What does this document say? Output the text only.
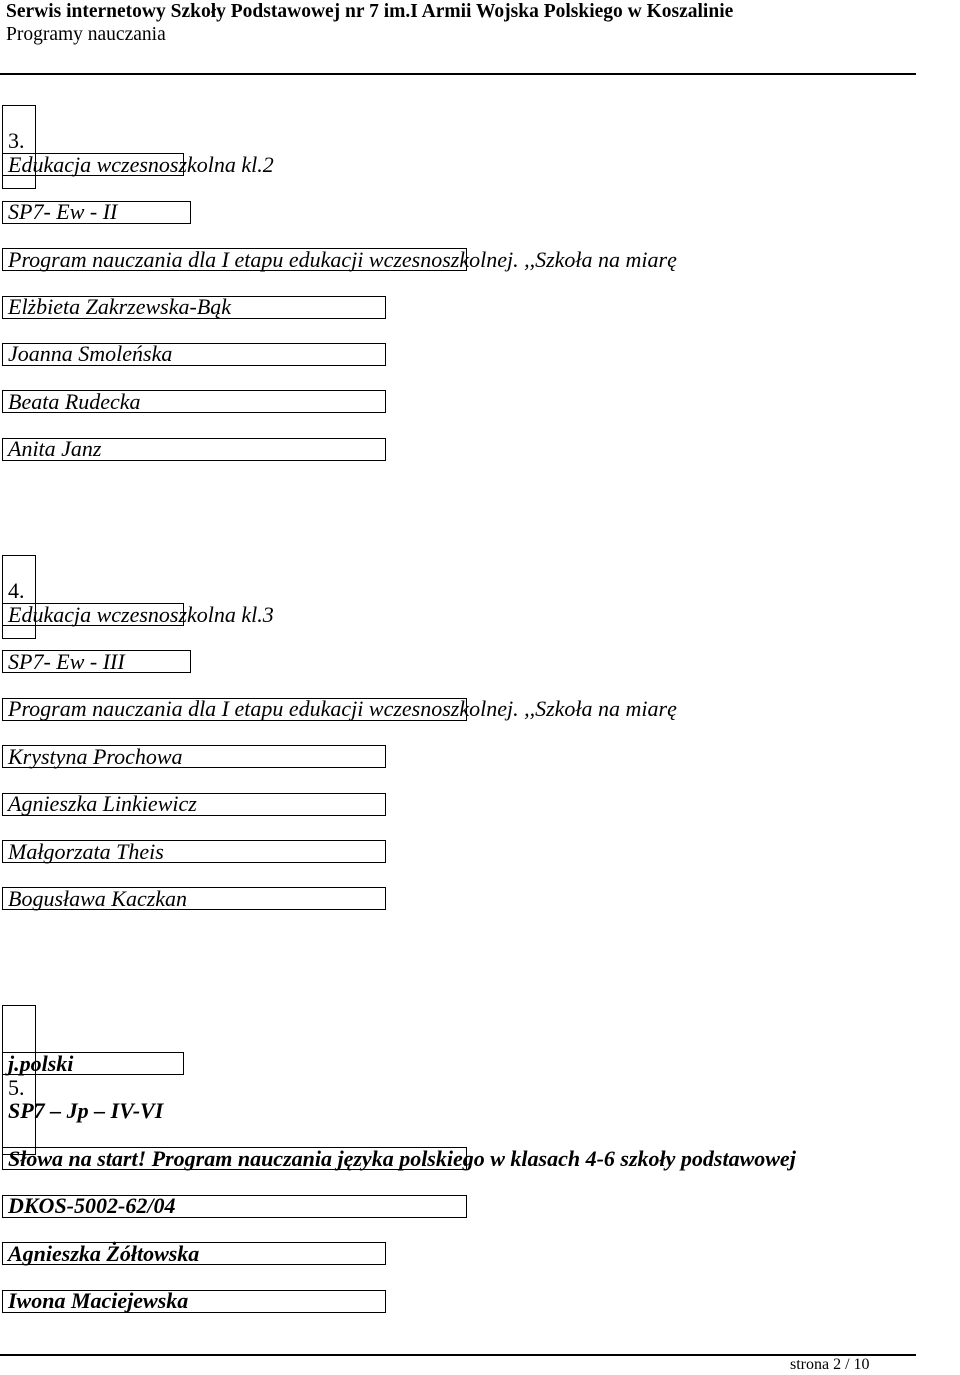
Serwis internetowy Szkoły Podstawowej nr 7 im.I Armii Wojska Polskiego w Koszalinie
Programy nauczania
3.
Edukacja wczesnoszkolna kl.2
SP7- Ew - II
Program nauczania dla I etapu edukacji wczesnoszkolnej. ,,Szkoła na miarę
Elżbieta Zakrzewska-Bąk
Joanna Smoleńska
Beata Rudecka
Anita Janz
4.
Edukacja wczesnoszkolna kl.3
SP7- Ew - III
Program nauczania dla I etapu edukacji wczesnoszkolnej. ,,Szkoła na miarę
Krystyna Prochowa
Agnieszka Linkiewicz
Małgorzata Theis
Bogusława Kaczkan
j.polski
5.
SP7 – Jp – IV-VI
Słowa na start! Program nauczania języka polskiego w klasach 4-6 szkoły podstawowej
DKOS-5002-62/04
Agnieszka Żółtowska
Iwona Maciejewska
strona 2 / 10
